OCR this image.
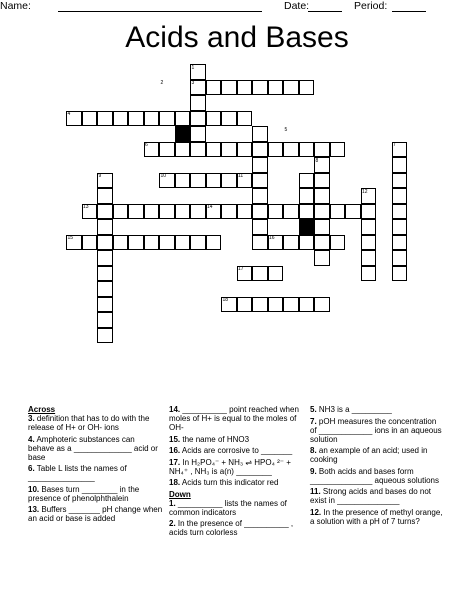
Name:	Date:	Period:
Acids and Bases
1
2	3
4
5
6	7
8
9	10	11
12
13	14
15	16
17
18
Across

3. definition that has to do with the release of H+ or OH- ions

4. Amphoteric substances can behave as a _____________ acid or base

6. Table L lists the names of _______________

10. Bases turn ________ in the presence of phenolphthalein

13. Buffers _______ pH change when an acid or base is added

14. __________ point reached when moles of H+ is equal to the moles of OH-

15. the name of HNO3

16. Acids are corrosive to _______

17. In H₂PO₄⁻ + NH₃ ⇌ HPO₄ ²⁻ + NH₄⁺ , NH₃ is a(n) ________

18. Acids turn this indicator red

Down

1. __________ lists the names of common indicators

2. In the presence of __________ , acids turn colorless

5. NH3 is a _________

7. pOH measures the concentration of ____________ ions in an aqueous solution

8. an example of an acid; used in cooking

9. Both acids and bases form ______________ aqueous solutions

11. Strong acids and bases do not exist in ______________

12. In the presence of methyl orange, a solution with a pH of 7 turns?
